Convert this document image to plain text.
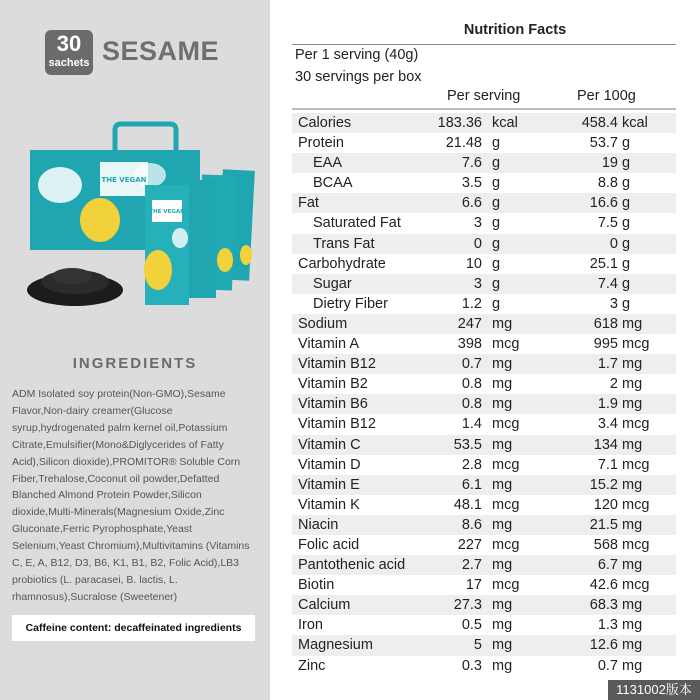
30
sachets SESAME
THE VEGAN
THE VEGAN
INGREDIENTS
ADM Isolated soy protein(Non-GMO),Sesame Flavor,Non-dairy creamer(Glucose syrup,hydrogenated palm kernel oil,Potassium Citrate,Emulsifier(Mono&Diglycerides of Fatty Acid),Silicon dioxide),PROMITOR® Soluble Corn Fiber,Trehalose,Coconut oil powder,Defatted Blanched Almond Protein Powder,Silicon dioxide,Multi-Minerals(Magnesium Oxide,Zinc Gluconate,Ferric Pyrophosphate,Yeast Selenium,Yeast Chromium),Multivitamins (Vitamins C, E, A, B12, D3, B6, K1, B1, B2, Folic Acid),LB3 probiotics (L. paracasei, B. lactis, L. rhamnosus),Sucralose (Sweetener)
Caffeine content: decaffeinated ingredients
Nutrition Facts
Per 1 serving (40g)
30 servings per box
Per serving	Per 100g
Calories	183.36 kcal	458.4 kcal
Protein	21.48 g	53.7 g
EAA	7.6 g	19 g
BCAA	3.5 g	8.8 g
Fat	6.6 g	16.6 g
Saturated Fat	3 g	7.5 g
Trans Fat	0 g	0 g
Carbohydrate	10 g	25.1 g
Sugar	3 g	7.4 g
Dietry Fiber	1.2 g	3 g
Sodium	247 mg	618 mg
Vitamin A	398 mcg	995 mcg
Vitamin B12	0.7 mg	1.7 mg
Vitamin B2	0.8 mg	2 mg
Vitamin B6	0.8 mg	1.9 mg
Vitamin B12	1.4 mcg	3.4 mcg
Vitamin C	53.5 mg	134 mg
Vitamin D	2.8 mcg	7.1 mcg
Vitamin E	6.1 mg	15.2 mg
Vitamin K	48.1 mcg	120 mcg
Niacin	8.6 mg	21.5 mg
Folic acid	227 mcg	568 mcg
Pantothenic acid	2.7 mg	6.7 mg
Biotin	17 mcg	42.6 mcg
Calcium	27.3 mg	68.3 mg
Iron	0.5 mg	1.3 mg
Magnesium	5 mg	12.6 mg
Zinc	0.3 mg	0.7 mg
1131002版本
